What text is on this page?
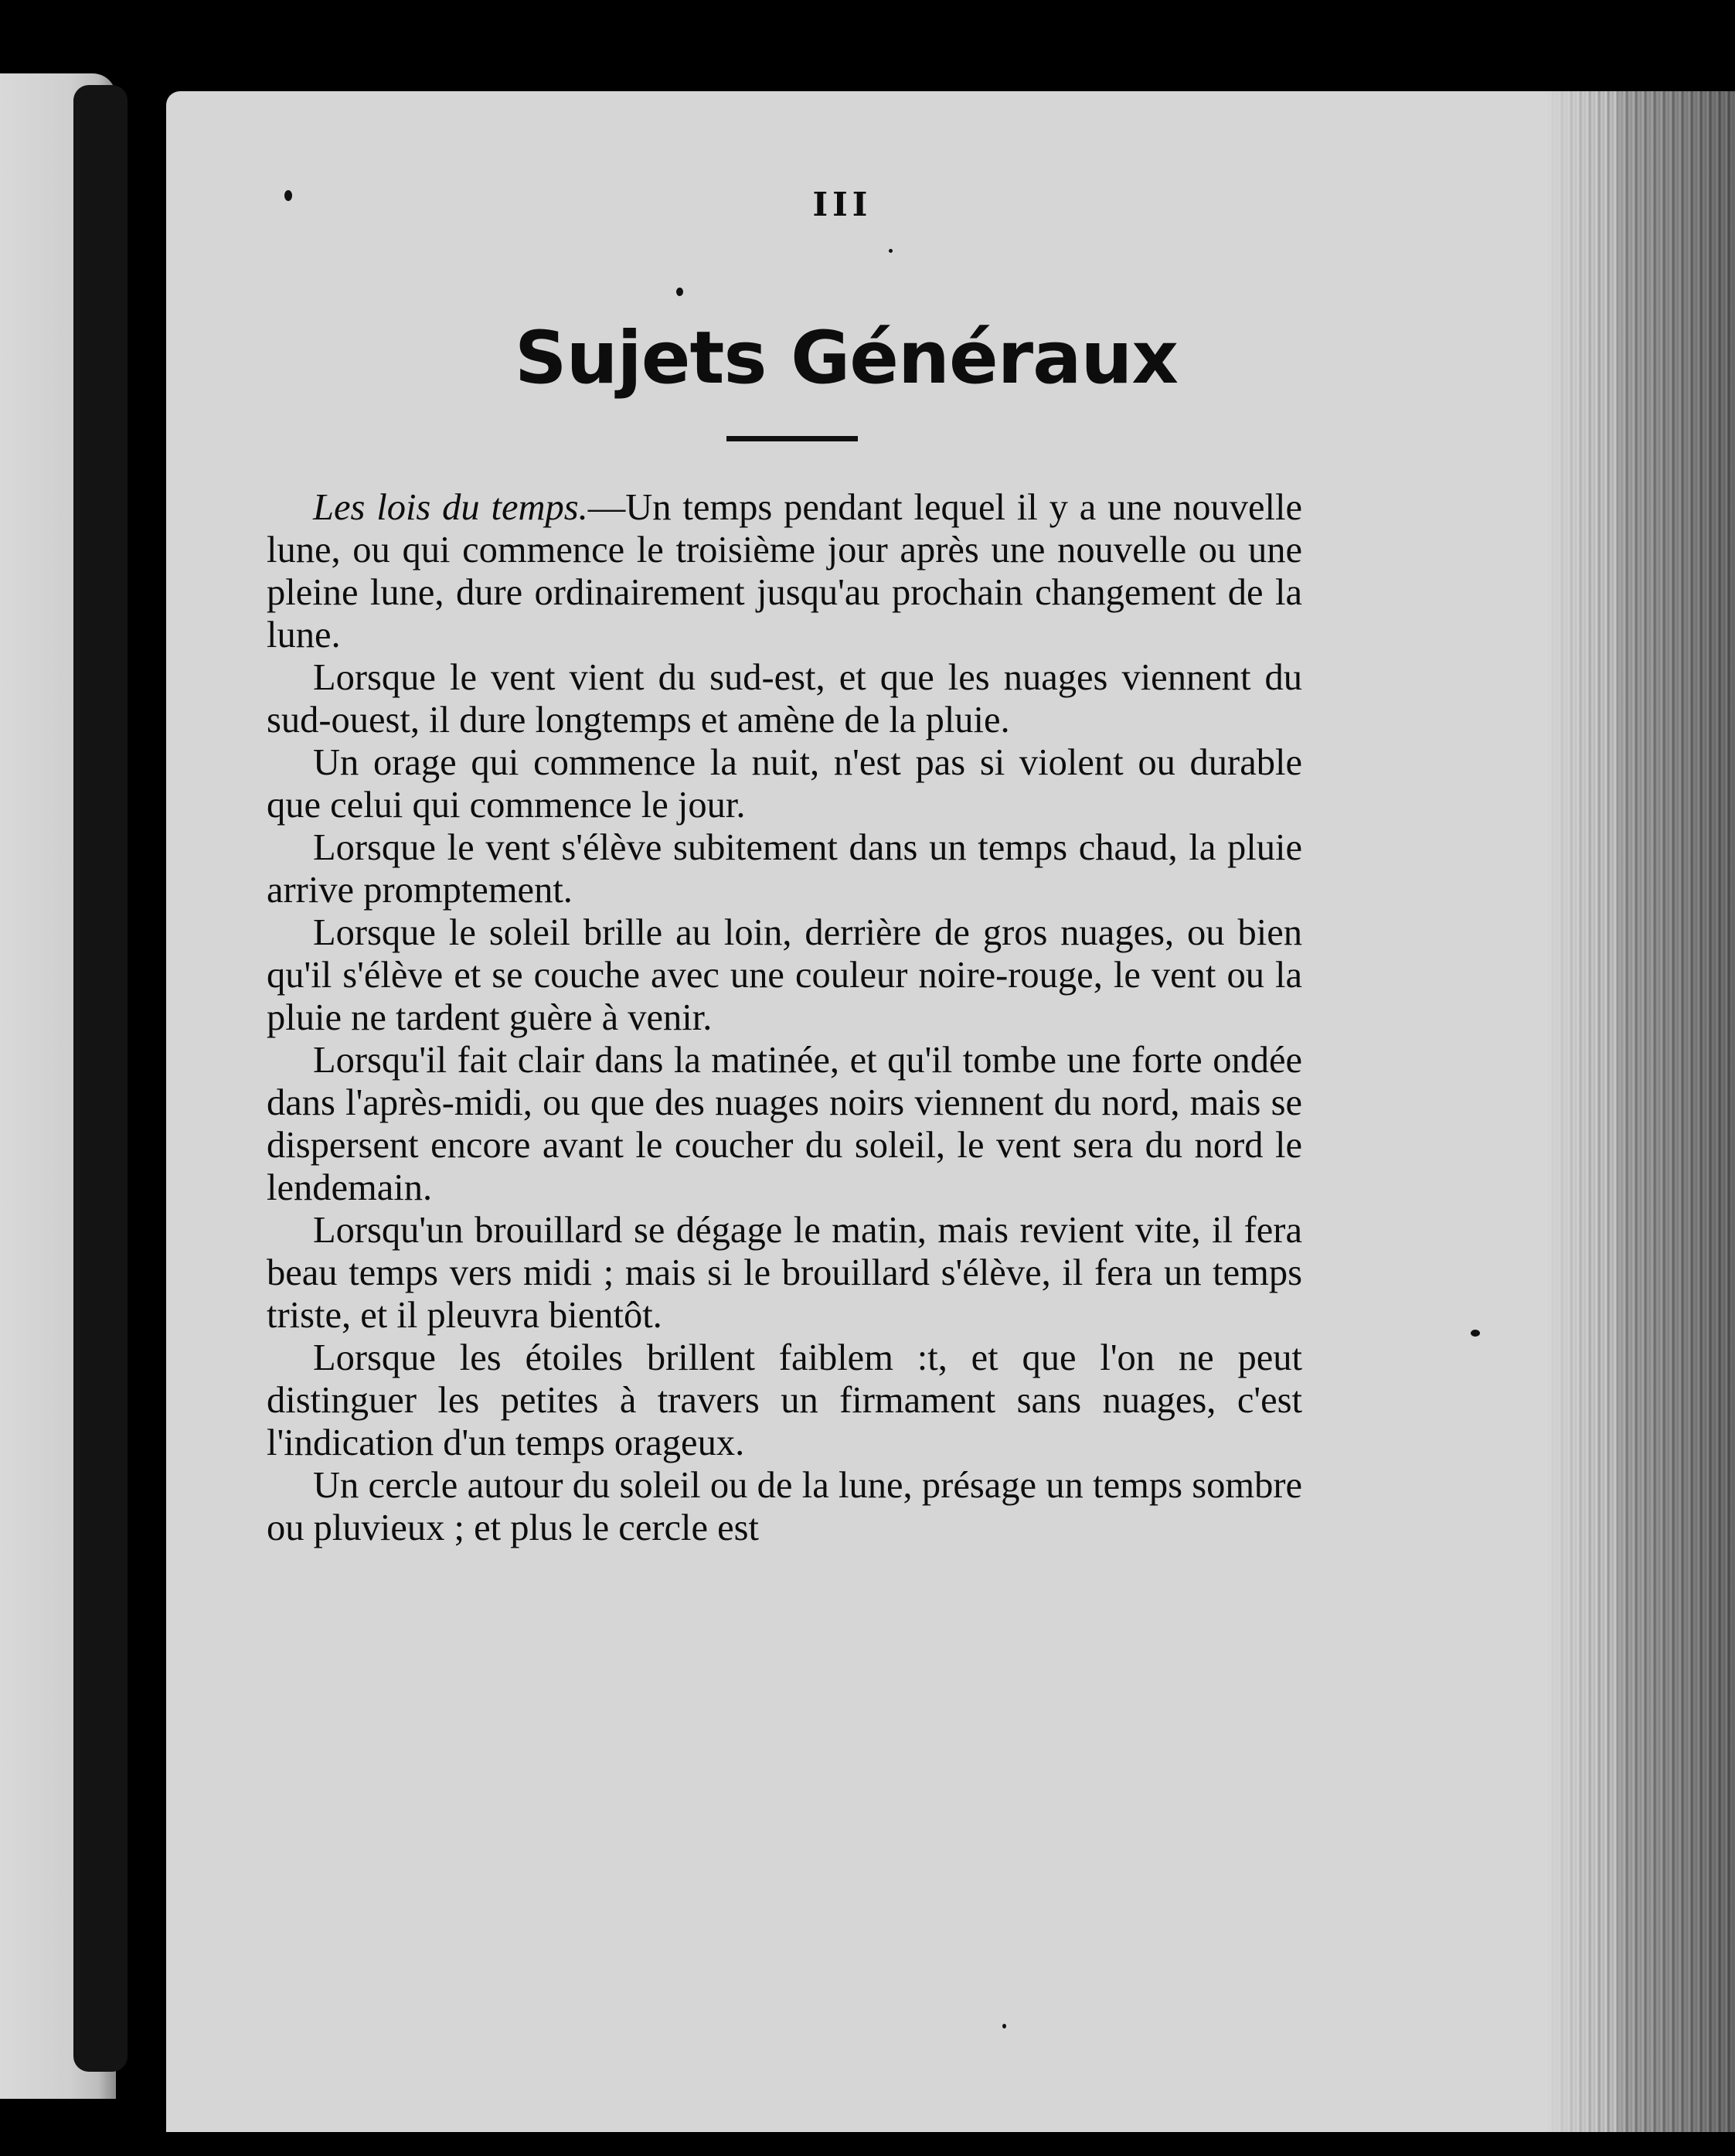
III

Sujets Généraux

Les lois du temps.—Un temps pendant lequel il y a une nouvelle lune, ou qui commence le troisième jour après une nouvelle ou une pleine lune, dure ordinairement jusqu'au prochain changement de la lune.

Lorsque le vent vient du sud-est, et que les nuages viennent du sud-ouest, il dure longtemps et amène de la pluie.

Un orage qui commence la nuit, n'est pas si violent ou durable que celui qui commence le jour.

Lorsque le vent s'élève subitement dans un temps chaud, la pluie arrive promptement.

Lorsque le soleil brille au loin, derrière de gros nuages, ou bien qu'il s'élève et se couche avec une couleur noire-rouge, le vent ou la pluie ne tardent guère à venir.

Lorsqu'il fait clair dans la matinée, et qu'il tombe une forte ondée dans l'après-midi, ou que des nuages noirs viennent du nord, mais se dispersent encore avant le coucher du soleil, le vent sera du nord le lendemain.

Lorsqu'un brouillard se dégage le matin, mais revient vite, il fera beau temps vers midi ; mais si le brouillard s'élève, il fera un temps triste, et il pleuvra bientôt.

Lorsque les étoiles brillent faiblem :t, et que l'on ne peut distinguer les petites à travers un firmament sans nuages, c'est l'indication d'un temps orageux.

Un cercle autour du soleil ou de la lune, présage un temps sombre ou pluvieux ; et plus le cercle est
